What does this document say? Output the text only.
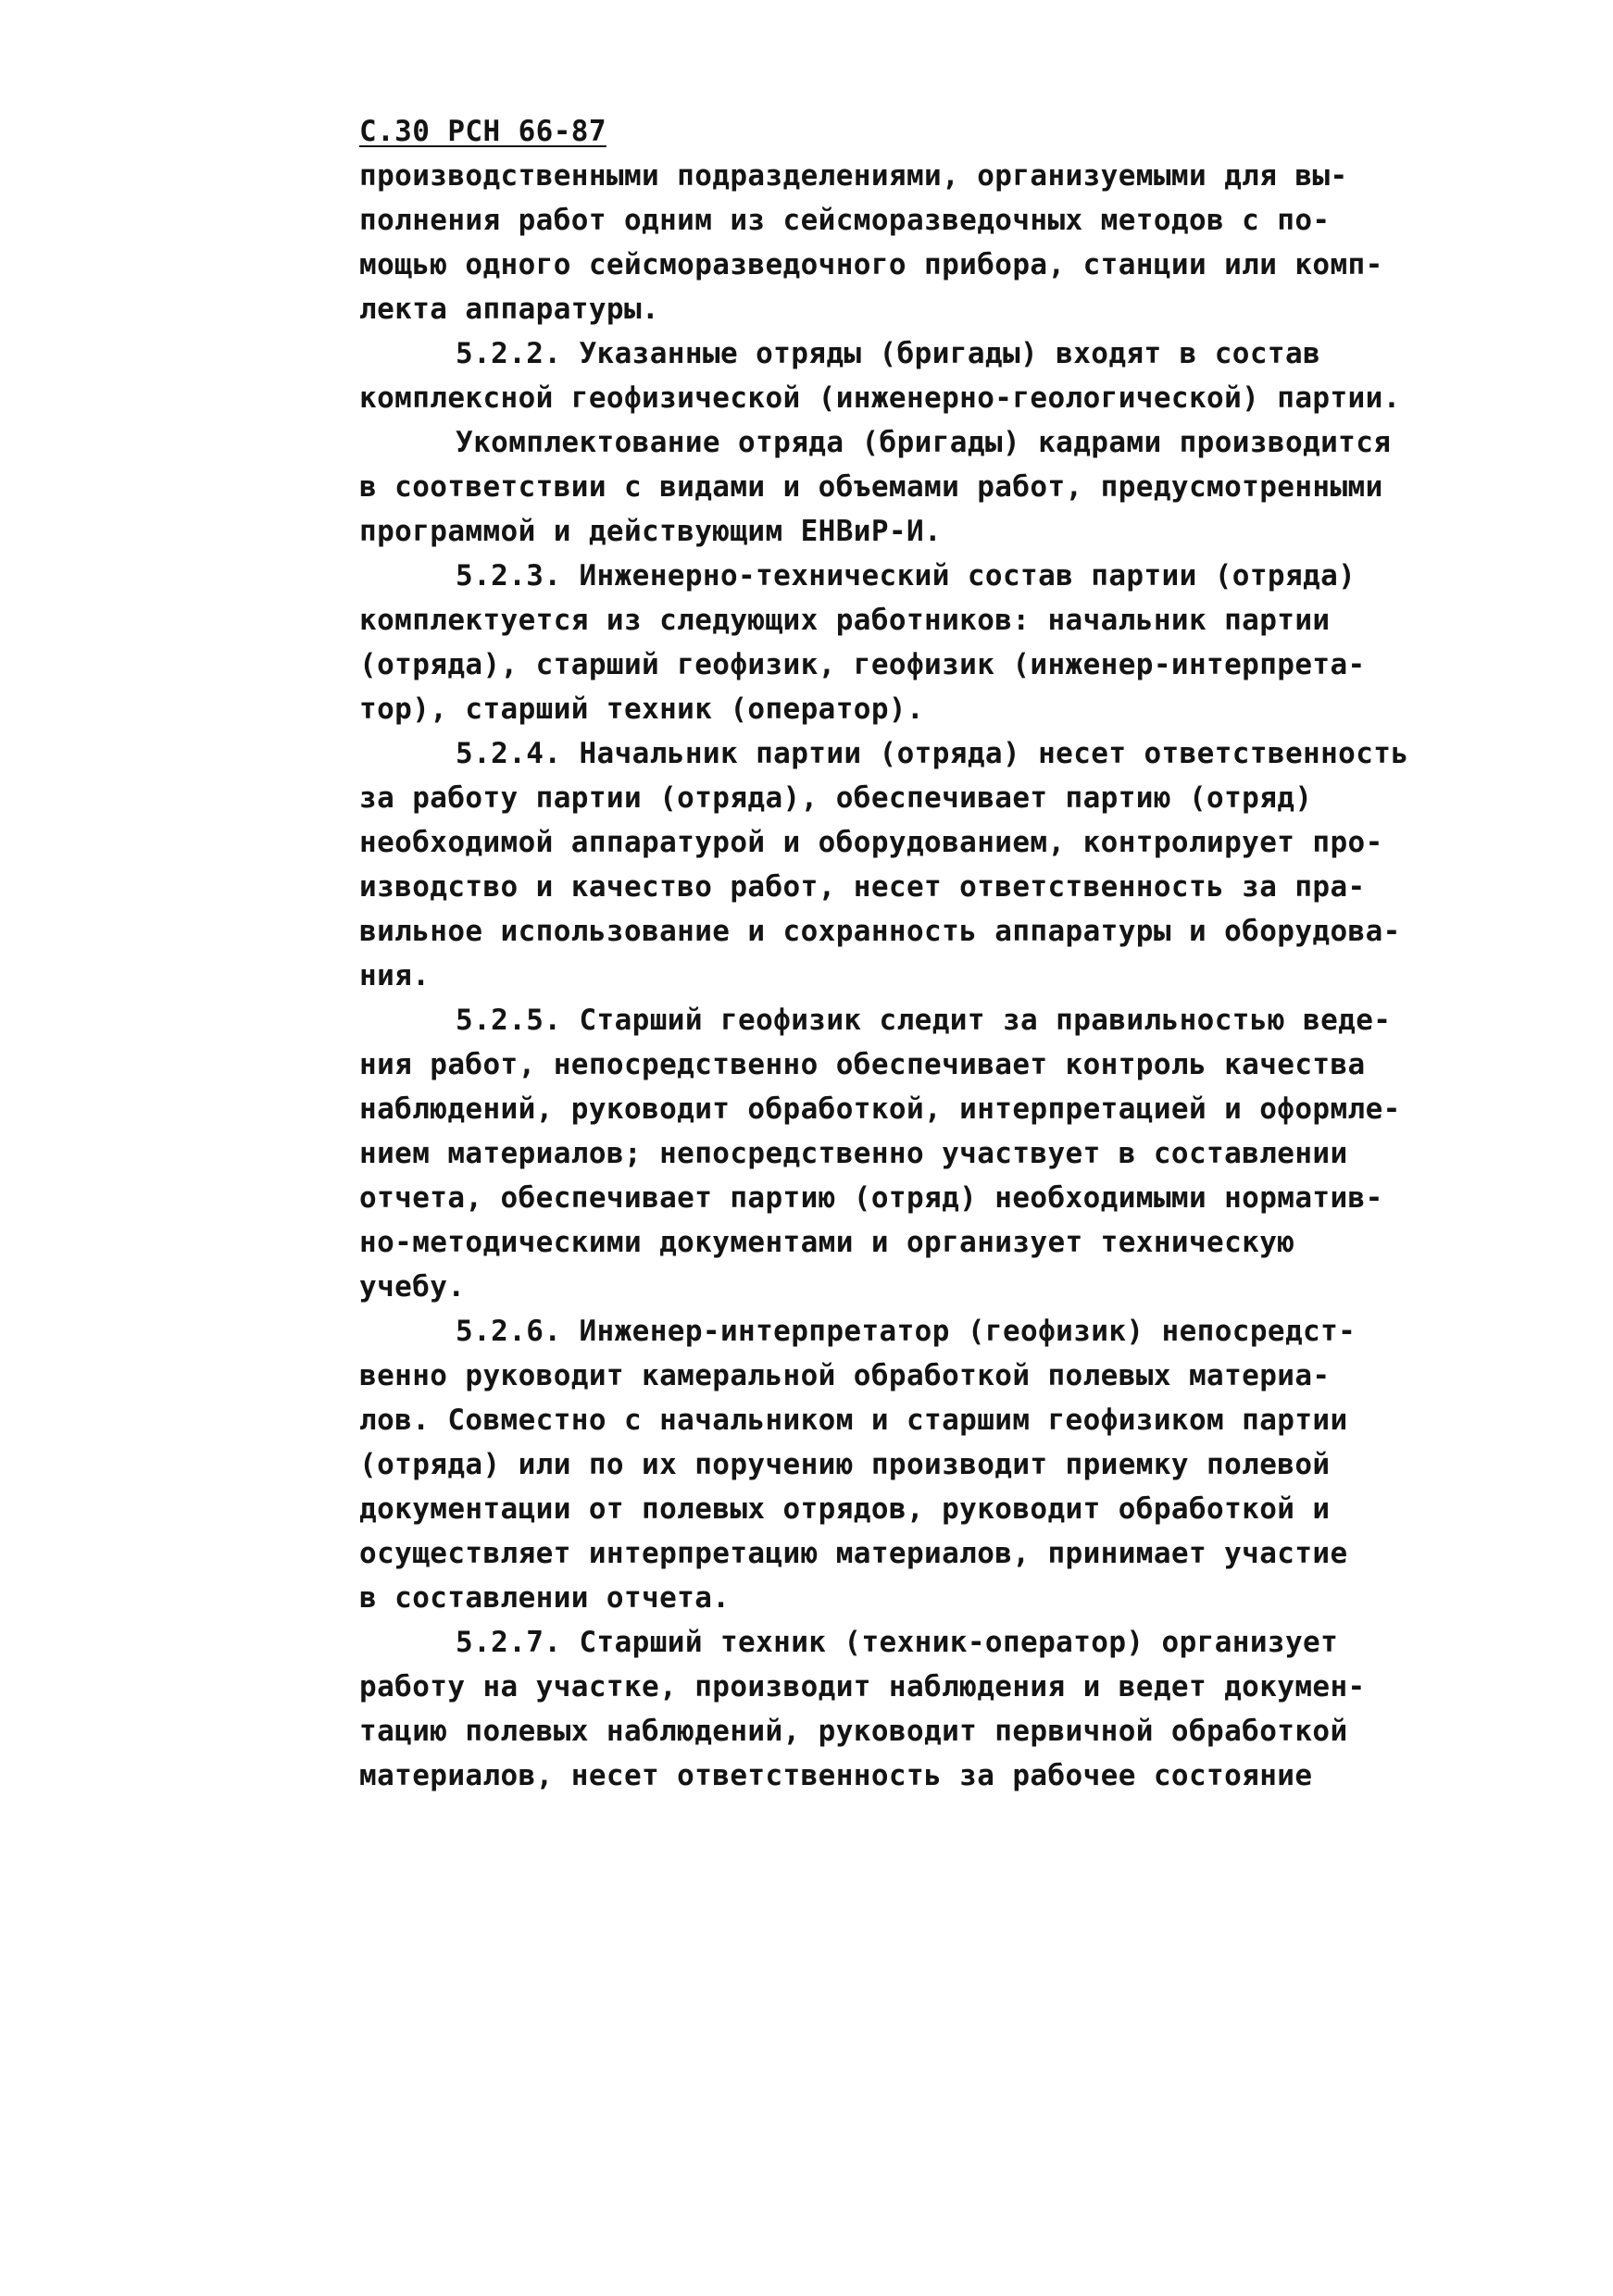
С.30 РСН 66-87
производственными подразделениями, организуемыми для вы-
полнения работ одним из сейсморазведочных методов с по-
мощью одного сейсморазведочного прибора, станции или комп-
лекта аппаратуры.
5.2.2. Указанные отряды (бригады) входят в состав
комплексной геофизической (инженерно-геологической) партии.
Укомплектование отряда (бригады) кадрами производится
в соответствии с видами и объемами работ, предусмотренными
программой и действующим ЕНВиР-И.
5.2.3. Инженерно-технический состав партии (отряда)
комплектуется из следующих работников: начальник партии
(отряда), старший геофизик, геофизик (инженер-интерпрета-
тор), старший техник (оператор).
5.2.4. Начальник партии (отряда) несет ответственность
за работу партии (отряда), обеспечивает партию (отряд)
необходимой аппаратурой и оборудованием, контролирует про-
изводство и качество работ, несет ответственность за пра-
вильное использование и сохранность аппаратуры и оборудова-
ния.
5.2.5. Старший геофизик следит за правильностью веде-
ния работ, непосредственно обеспечивает контроль качества
наблюдений, руководит обработкой, интерпретацией и оформле-
нием материалов; непосредственно участвует в составлении
отчета, обеспечивает партию (отряд) необходимыми норматив-
но-методическими документами и организует техническую
учебу.
5.2.6. Инженер-интерпретатор (геофизик) непосредст-
венно руководит камеральной обработкой полевых материа-
лов. Совместно с начальником и старшим геофизиком партии
(отряда) или по их поручению производит приемку полевой
документации от полевых отрядов, руководит обработкой и
осуществляет интерпретацию материалов, принимает участие
в составлении отчета.
5.2.7. Старший техник (техник-оператор) организует
работу на участке, производит наблюдения и ведет докумен-
тацию полевых наблюдений, руководит первичной обработкой
материалов, несет ответственность за рабочее состояние
